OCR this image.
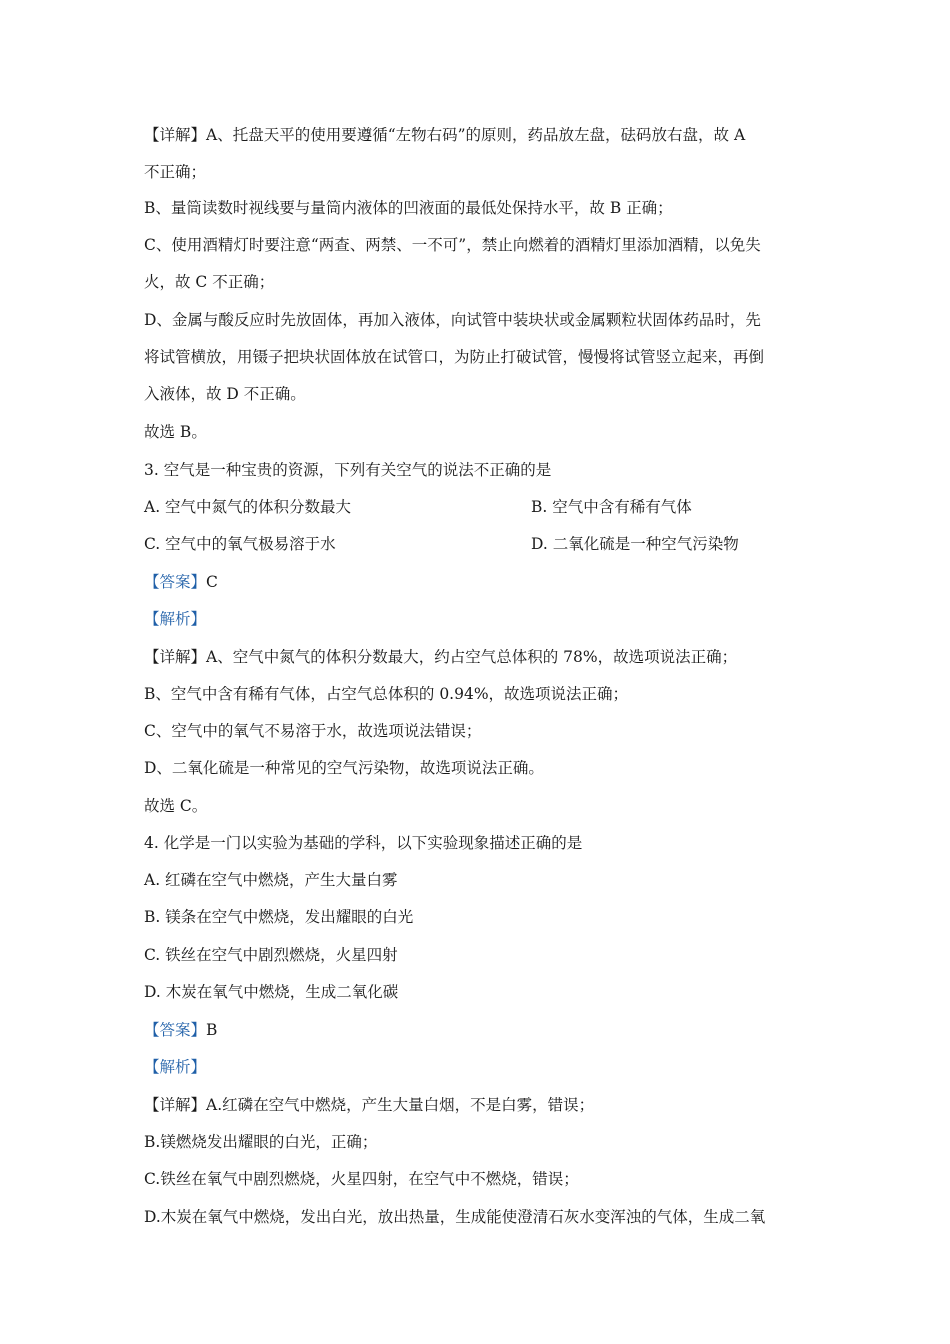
【详解】A、托盘天平的使用要遵循“左物右码”的原则，药品放左盘，砝码放右盘，故 A
不正确；
B、量筒读数时视线要与量筒内液体的凹液面的最低处保持水平，故 B 正确；
C、使用酒精灯时要注意“两查、两禁、一不可”，禁止向燃着的酒精灯里添加酒精，以免失
火，故 C 不正确；
D、金属与酸反应时先放固体，再加入液体，向试管中装块状或金属颗粒状固体药品时，先
将试管横放，用镊子把块状固体放在试管口，为防止打破试管，慢慢将试管竖立起来，再倒
入液体，故 D 不正确。
故选 B。
3. 空气是一种宝贵的资源，下列有关空气的说法不正确的是
A. 空气中氮气的体积分数最大	B. 空气中含有稀有气体
C. 空气中的氧气极易溶于水	D. 二氧化硫是一种空气污染物
【答案】C
【解析】
【详解】A、空气中氮气的体积分数最大，约占空气总体积的 78%，故选项说法正确；
B、空气中含有稀有气体，占空气总体积的 0.94%，故选项说法正确；
C、空气中的氧气不易溶于水，故选项说法错误；
D、二氧化硫是一种常见的空气污染物，故选项说法正确。
故选 C。
4. 化学是一门以实验为基础的学科，以下实验现象描述正确的是
A. 红磷在空气中燃烧，产生大量白雾
B. 镁条在空气中燃烧，发出耀眼的白光
C. 铁丝在空气中剧烈燃烧，火星四射
D. 木炭在氧气中燃烧，生成二氧化碳
【答案】B
【解析】
【详解】A.红磷在空气中燃烧，产生大量白烟，不是白雾，错误；
B.镁燃烧发出耀眼的白光，正确；
C.铁丝在氧气中剧烈燃烧，火星四射，在空气中不燃烧，错误；
D.木炭在氧气中燃烧，发出白光，放出热量，生成能使澄清石灰水变浑浊的气体，生成二氧
